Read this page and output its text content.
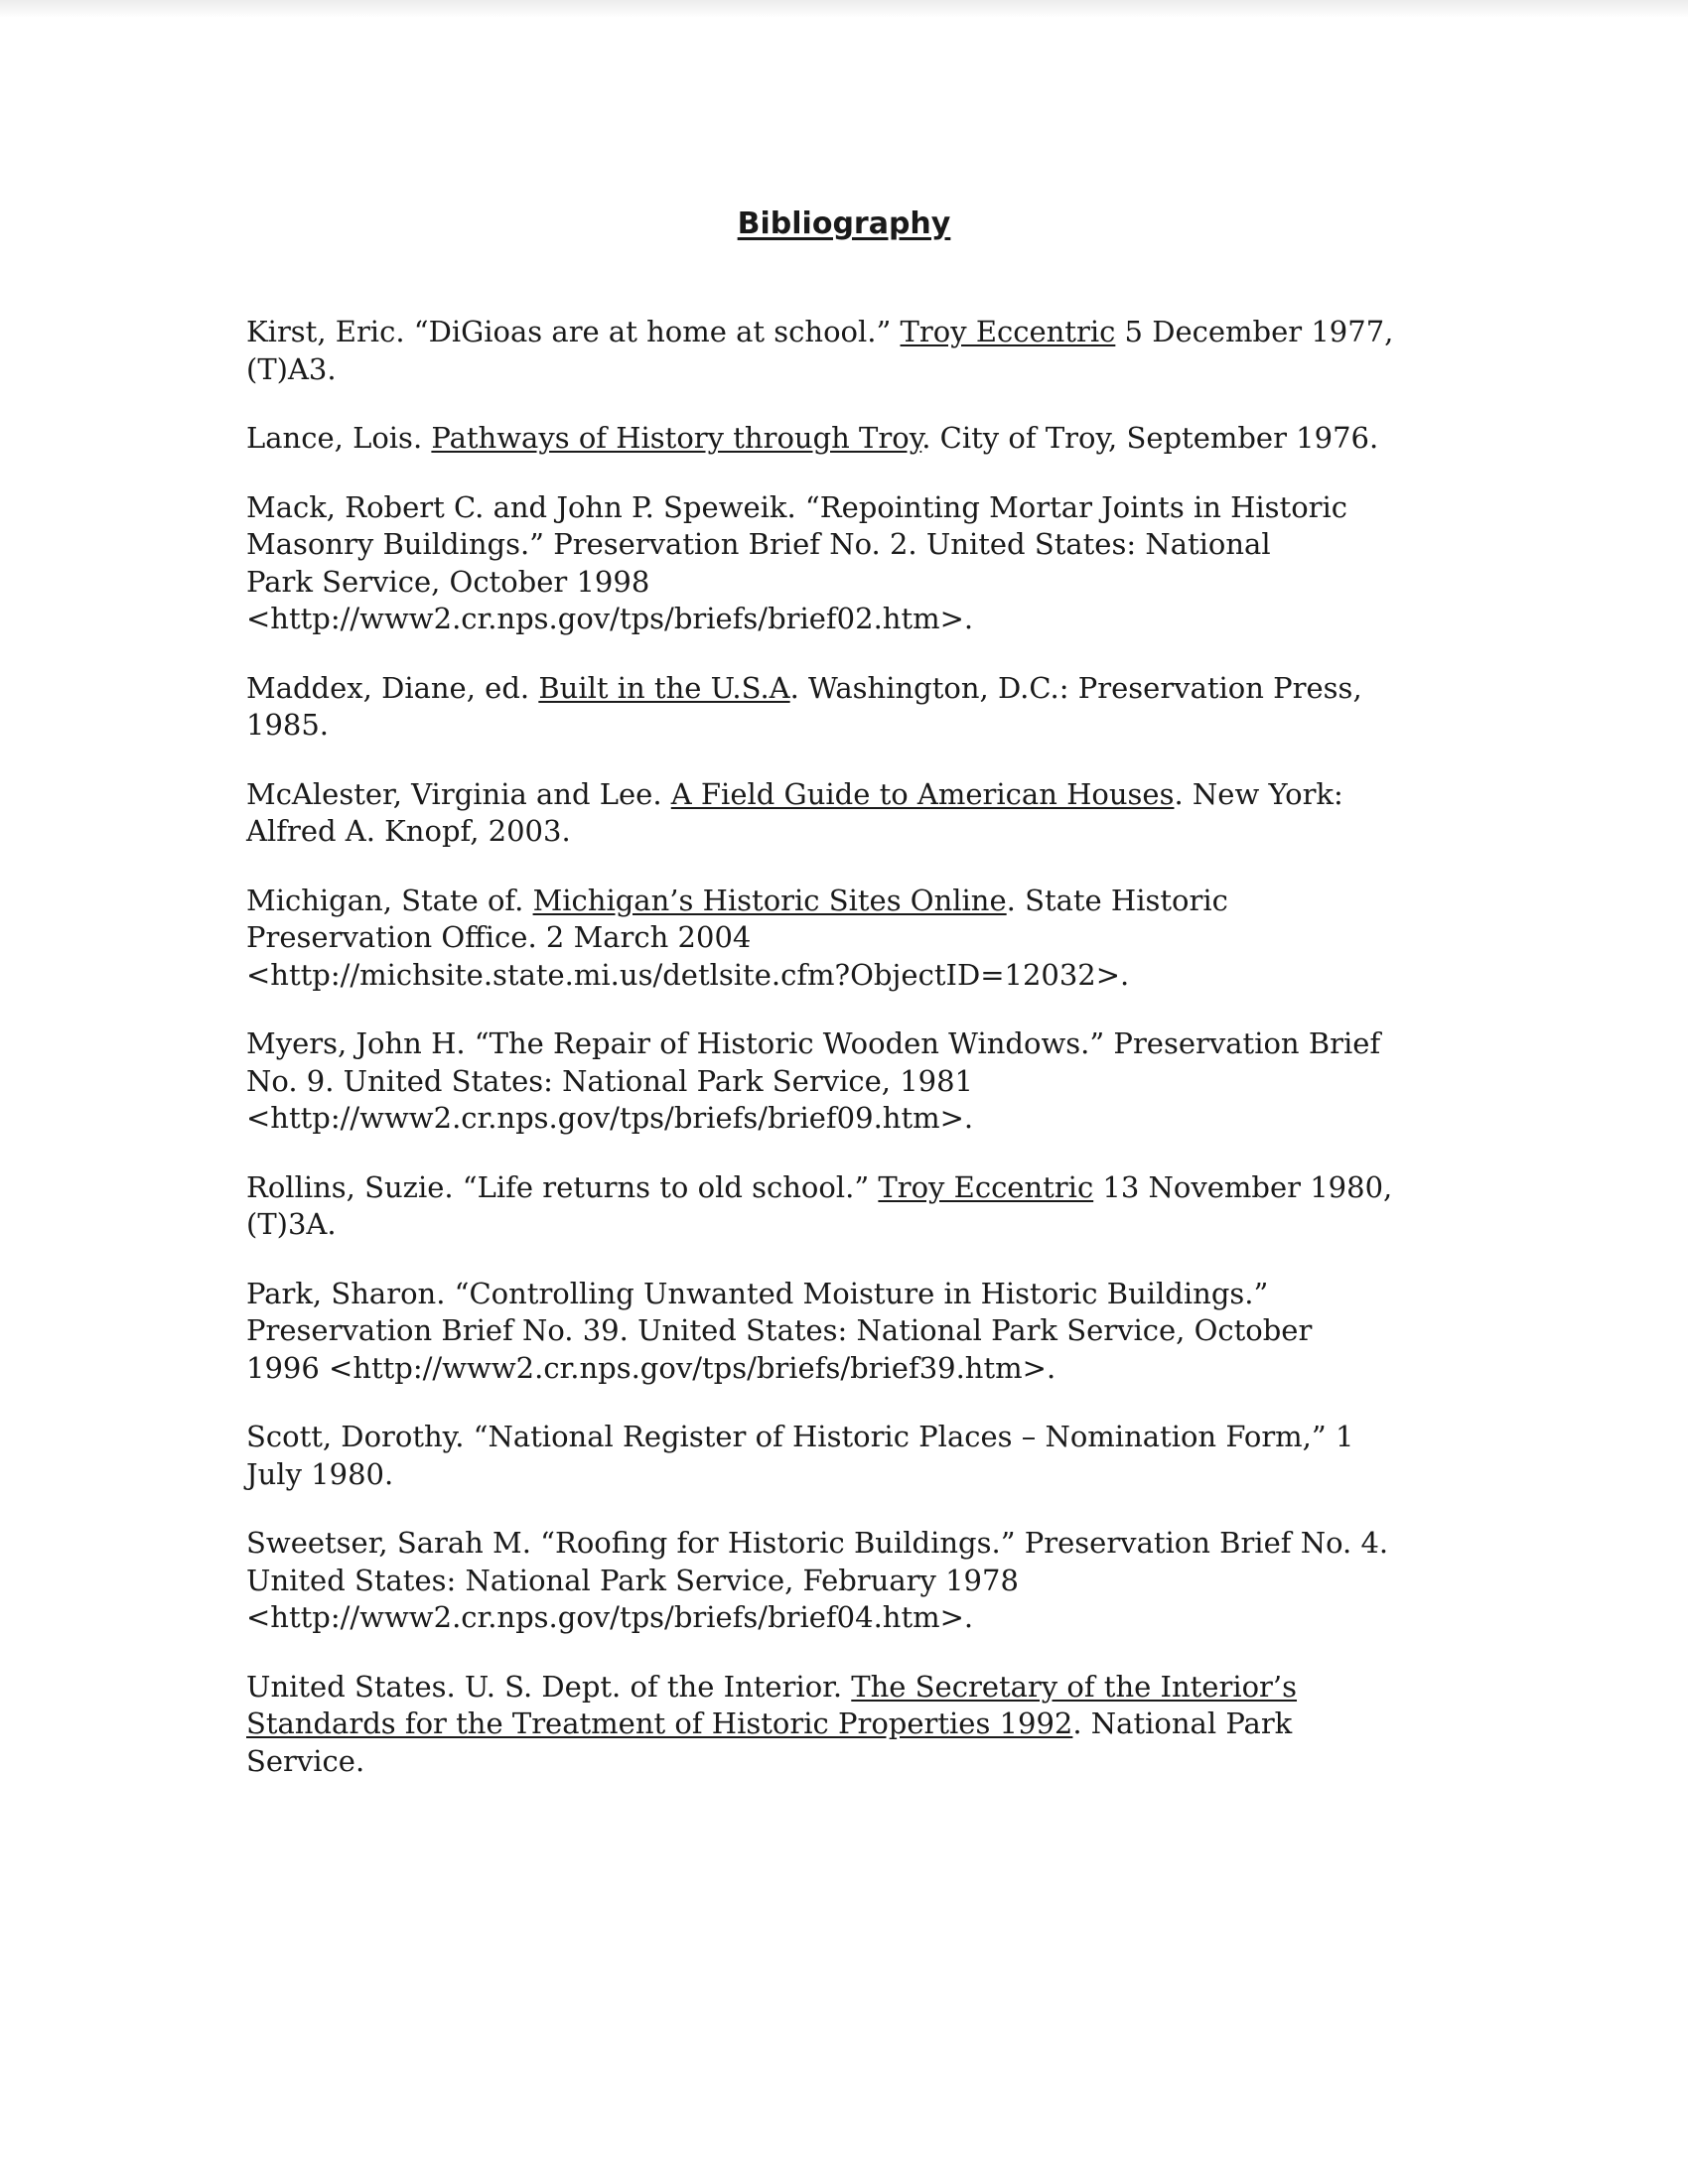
Bibliography
Kirst, Eric. “DiGioas are at home at school.” Troy Eccentric 5 December 1977,
(T)A3.
Lance, Lois. Pathways of History through Troy. City of Troy, September 1976.
Mack, Robert C. and John P. Speweik. “Repointing Mortar Joints in Historic
Masonry Buildings.” Preservation Brief No. 2. United States: National
Park Service, October 1998
<http://www2.cr.nps.gov/tps/briefs/brief02.htm>.
Maddex, Diane, ed. Built in the U.S.A. Washington, D.C.: Preservation Press,
1985.
McAlester, Virginia and Lee. A Field Guide to American Houses. New York:
Alfred A. Knopf, 2003.
Michigan, State of. Michigan’s Historic Sites Online. State Historic
Preservation Office. 2 March 2004
<http://michsite.state.mi.us/detlsite.cfm?ObjectID=12032>.
Myers, John H. “The Repair of Historic Wooden Windows.” Preservation Brief
No. 9. United States: National Park Service, 1981
<http://www2.cr.nps.gov/tps/briefs/brief09.htm>.
Rollins, Suzie. “Life returns to old school.” Troy Eccentric 13 November 1980,
(T)3A.
Park, Sharon. “Controlling Unwanted Moisture in Historic Buildings.”
Preservation Brief No. 39. United States: National Park Service, October
1996 <http://www2.cr.nps.gov/tps/briefs/brief39.htm>.
Scott, Dorothy. “National Register of Historic Places – Nomination Form,” 1
July 1980.
Sweetser, Sarah M. “Roofing for Historic Buildings.” Preservation Brief No. 4.
United States: National Park Service, February 1978
<http://www2.cr.nps.gov/tps/briefs/brief04.htm>.
United States. U. S. Dept. of the Interior. The Secretary of the Interior’s
Standards for the Treatment of Historic Properties 1992. National Park
Service.
